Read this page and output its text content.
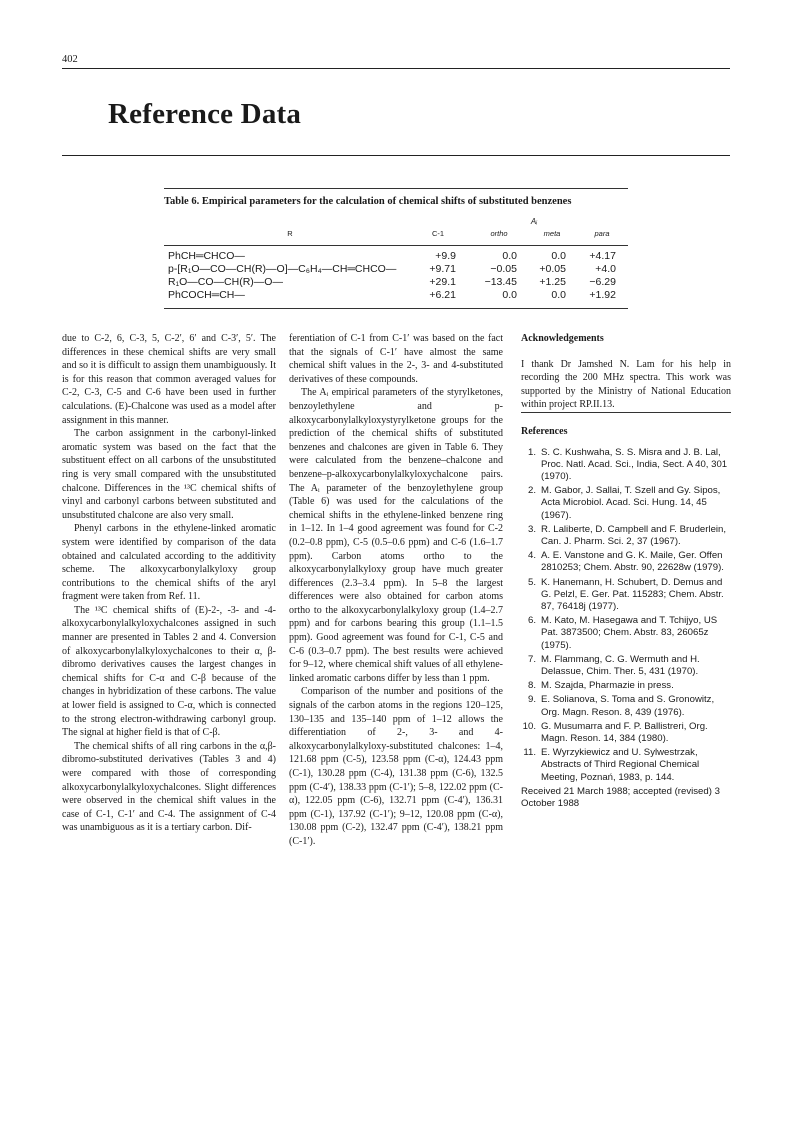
402
Reference Data
Table 6. Empirical parameters for the calculation of chemical shifts of substituted benzenes
Aᵢ
R	C-1	ortho	meta	para
PhCH═CHCO—	+9.9	0.0	0.0	+4.17
p-[R₁O—CO—CH(R)—O]—C₆H₄—CH═CHCO—	+9.71	−0.05	+0.05	+4.0
R₁O—CO—CH(R)—O—	+29.1	−13.45	+1.25	−6.29
PhCOCH═CH—	+6.21	0.0	0.0	+1.92

due to C-2, 6, C-3, 5, C-2′, 6′ and C-3′, 5′. The differences in these chemical shifts are very small and so it is difficult to assign them unambiguously. It is for this reason that common averaged values for C-2, C-3, C-5 and C-6 have been used in further calculations. (E)-Chalcone was used as a model after assignment in this manner.

The carbon assignment in the carbonyl-linked aromatic system was based on the fact that the substituent effect on all carbons of the unsubstituted ring is very small compared with the unsubstituted chalcone. Differences in the ¹³C chemical shifts of vinyl and carbonyl carbons between substituted and unsubstituted chalcone are also very small.

Phenyl carbons in the ethylene-linked aromatic system were identified by comparison of the data obtained and calculated according to the additivity scheme. The alkoxycarbonylalkyloxy group contributions to the chemical shifts of the aryl fragment were taken from Ref. 11.

The ¹³C chemical shifts of (E)-2-, -3- and -4-alkoxycarbonylalkyloxychalcones assigned in such manner are presented in Tables 2 and 4. Conversion of alkoxycarbonylalkyloxychalcones to their α, β-dibromo derivatives causes the largest changes in chemical shifts for C-α and C-β because of the changes in hybridization of these carbons. The value at lower field is assigned to C-α, which is connected to the strong electron-withdrawing carbonyl group. The signal at higher field is that of C-β.

The chemical shifts of all ring carbons in the α,β-dibromo-substituted derivatives (Tables 3 and 4) were compared with those of corresponding alkoxycarbonylalkyloxychalcones. Slight differences were observed in the chemical shift values in the case of C-1, C-1′ and C-4. The assignment of C-4 was unambiguous as it is a tertiary carbon. Dif-

ferentiation of C-1 from C-1′ was based on the fact that the signals of C-1′ have almost the same chemical shift values in the 2-, 3- and 4-substituted derivatives of these compounds.

The Aᵢ empirical parameters of the styrylketones, benzoylethylene and p-alkoxycarbonylalkyloxystyrylketone groups for the prediction of the chemical shifts of substituted benzenes and chalcones are given in Table 6. They were calculated from the benzene–chalcone and benzene–p-alkoxycarbonylalkyloxychalcone pairs. The Aᵢ parameter of the benzoylethylene group (Table 6) was used for the calculations of the chemical shifts in the ethylene-linked benzene ring in 1–12. In 1–4 good agreement was found for C-2 (0.2–0.8 ppm), C-5 (0.5–0.6 ppm) and C-6 (1.6–1.7 ppm). Carbon atoms ortho to the alkoxycarbonylalkyloxy group have much greater differences (2.3–3.4 ppm). In 5–8 the largest differences were also obtained for carbon atoms ortho to the alkoxycarbonylalkyloxy group (1.4–2.7 ppm) and for carbons bearing this group (1.1–1.5 ppm). Good agreement was found for C-1, C-5 and C-6 (0.3–0.7 ppm). The best results were achieved for 9–12, where chemical shift values of all ethylene-linked aromatic carbons differ by less than 1 ppm.

Comparison of the number and positions of the signals of the carbon atoms in the regions 120–125, 130–135 and 135–140 ppm of 1–12 allows the differentiation of 2-, 3- and 4-alkoxycarbonylalkyloxy-substituted chalcones: 1–4, 121.68 ppm (C-5), 123.58 ppm (C-α), 124.43 ppm (C-1), 130.28 ppm (C-4), 131.38 ppm (C-6), 132.5 ppm (C-4′), 138.33 ppm (C-1′); 5–8, 122.02 ppm (C-α), 122.05 ppm (C-6), 132.71 ppm (C-4′), 136.31 ppm (C-1), 137.92 (C-1′); 9–12, 120.08 ppm (C-α), 130.08 ppm (C-2), 132.47 ppm (C-4′), 138.21 ppm (C-1′).

Acknowledgements

I thank Dr Jamshed N. Lam for his help in recording the 200 MHz spectra. This work was supported by the Ministry of National Education within project RP.II.13.

References
1. S. C. Kushwaha, S. S. Misra and J. B. Lal, Proc. Natl. Acad. Sci., India, Sect. A 40, 301 (1970).
2. M. Gabor, J. Sallai, T. Szell and Gy. Sipos, Acta Microbiol. Acad. Sci. Hung. 14, 45 (1967).
3. R. Laliberte, D. Campbell and F. Bruderlein, Can. J. Pharm. Sci. 2, 37 (1967).
4. A. E. Vanstone and G. K. Maile, Ger. Offen 2810253; Chem. Abstr. 90, 22628w (1979).
5. K. Hanemann, H. Schubert, D. Demus and G. Pelzl, E. Ger. Pat. 115283; Chem. Abstr. 87, 76418j (1977).
6. M. Kato, M. Hasegawa and T. Tchijyo, US Pat. 3873500; Chem. Abstr. 83, 26065z (1975).
7. M. Flammang, C. G. Wermuth and H. Delassue, Chim. Ther. 5, 431 (1970).
8. M. Szajda, Pharmazie in press.
9. E. Solianova, S. Toma and S. Gronowitz, Org. Magn. Reson. 8, 439 (1976).
10. G. Musumarra and F. P. Ballistreri, Org. Magn. Reson. 14, 384 (1980).
11. E. Wyrzykiewicz and U. Sylwestrzak, Abstracts of Third Regional Chemical Meeting, Poznań, 1983, p. 144.

Received 21 March 1988; accepted (revised) 3 October 1988
